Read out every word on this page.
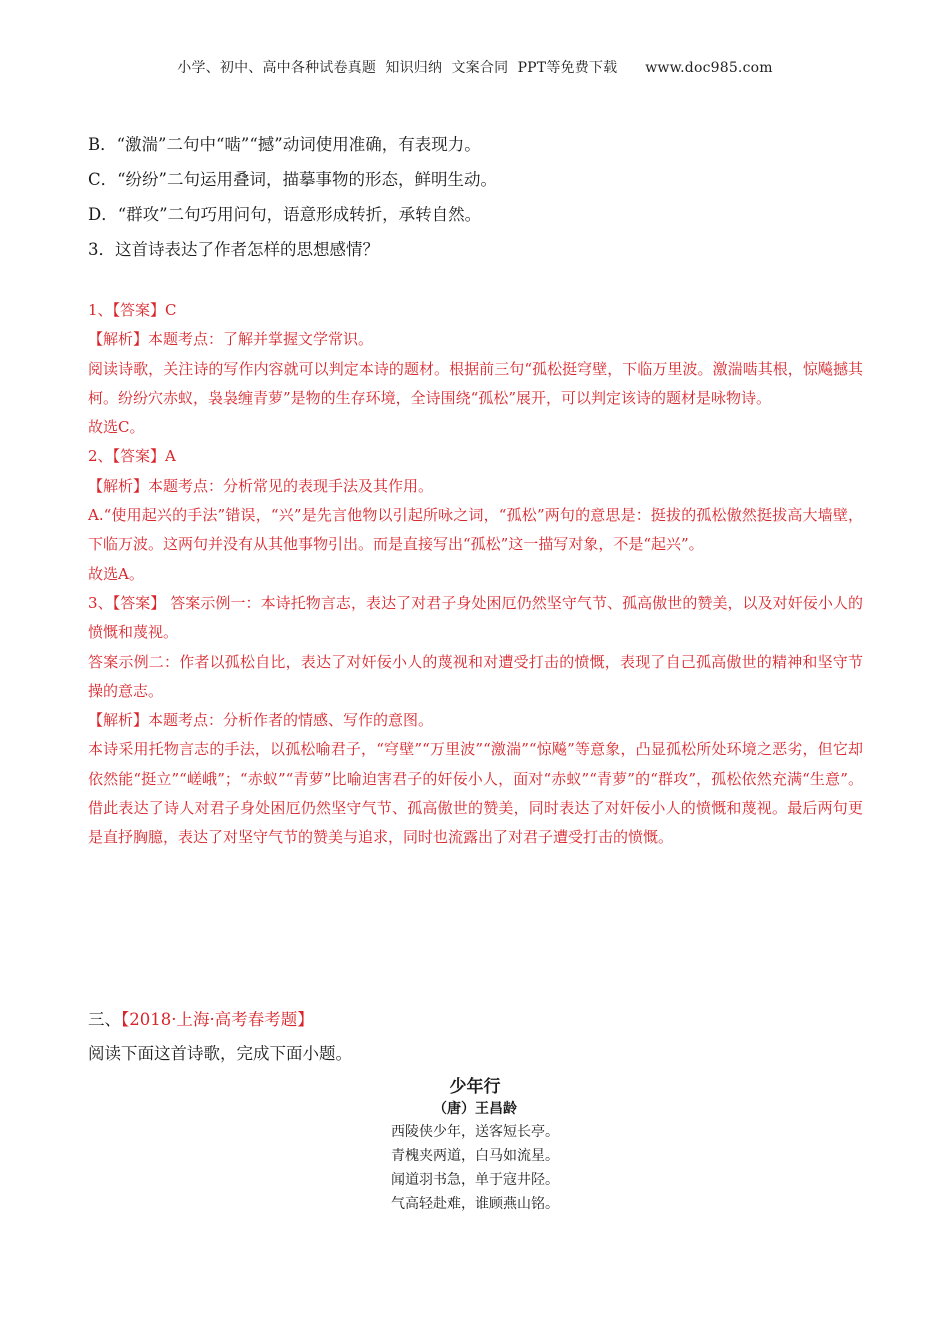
小学、初中、高中各种试卷真题  知识归纳  文案合同  PPT等免费下载      www.doc985.com

B．“激湍”二句中“啮”“撼”动词使用准确，有表现力。

C．“纷纷”二句运用叠词，描摹事物的形态，鲜明生动。

D．“群攻”二句巧用问句，语意形成转折，承转自然。

3．这首诗表达了作者怎样的思想感情？

1、【答案】C

【解析】本题考点：了解并掌握文学常识。

阅读诗歌，关注诗的写作内容就可以判定本诗的题材。根据前三句“孤松挺穹壁，下临万里波。激湍啮其根，惊飚撼其柯。纷纷穴赤蚁，袅袅缠青萝”是物的生存环境，全诗围绕“孤松”展开，可以判定该诗的题材是咏物诗。

故选C。

2、【答案】A

【解析】本题考点：分析常见的表现手法及其作用。

A.“使用起兴的手法”错误，“兴”是先言他物以引起所咏之词，“孤松”两句的意思是：挺拔的孤松傲然挺拔高大墙壁，下临万波。这两句并没有从其他事物引出。而是直接写出“孤松”这一描写对象，不是“起兴”。

故选A。

3、【答案】 答案示例一：本诗托物言志，表达了对君子身处困厄仍然坚守气节、孤高傲世的赞美，以及对奸佞小人的愤慨和蔑视。

答案示例二：作者以孤松自比，表达了对奸佞小人的蔑视和对遭受打击的愤慨，表现了自己孤高傲世的精神和坚守节操的意志。

【解析】本题考点：分析作者的情感、写作的意图。

本诗采用托物言志的手法，以孤松喻君子，“穹壁”“万里波”“激湍”“惊飚”等意象，凸显孤松所处环境之恶劣，但它却依然能“挺立”“嵯峨”；“赤蚁”“青萝”比喻迫害君子的奸佞小人，面对“赤蚁”“青萝”的“群攻”，孤松依然充满“生意”。借此表达了诗人对君子身处困厄仍然坚守气节、孤高傲世的赞美，同时表达了对奸佞小人的愤慨和蔑视。最后两句更是直抒胸臆，表达了对坚守气节的赞美与追求，同时也流露出了对君子遭受打击的愤慨。

三、【2018·上海·高考春考题】
阅读下面这首诗歌，完成下面小题。
少年行
（唐）王昌龄
西陵侠少年，送客短长亭。
青槐夹两道，白马如流星。
闻道羽书急，单于寇井陉。
气高轻赴难，谁顾燕山铭。
